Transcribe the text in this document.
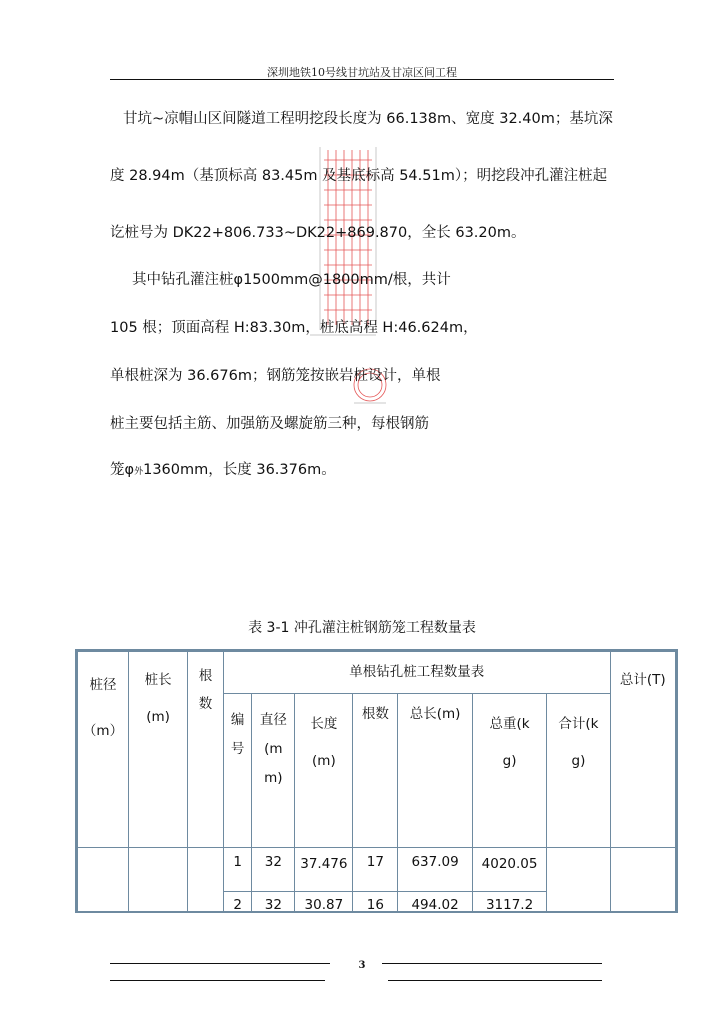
深圳地铁10号线甘坑站及甘凉区间工程
甘坑~凉帽山区间隧道工程明挖段长度为 66.138m、宽度 32.40m；基坑深
度 28.94m（基顶标高 83.45m 及基底标高 54.51m）；明挖段冲孔灌注桩起
讫桩号为 DK22+806.733~DK22+869.870，全长 63.20m。
其中钻孔灌注桩φ1500mm@1800mm/根，共计
105 根；顶面高程 H:83.30m，桩底高程 H:46.624m，
单根桩深为 36.676m；钢筋笼按嵌岩桩设计，单根
桩主要包括主筋、加强筋及螺旋筋三种，每根钢筋
笼φ外1360mm，长度 36.376m。
表 3-1 冲孔灌注桩钢筋笼工程数量表
桩径（m）	桩长(m)	根数	单根钻孔桩工程数量表							总计(T)
			编号	直径(mm)	长度(m)	根数	总长(m)	总重(kg)	合计(kg)	
			1	32	37.476	17	637.09	4020.05		
			2	32	30.87	16	494.02	3117.2		
3
